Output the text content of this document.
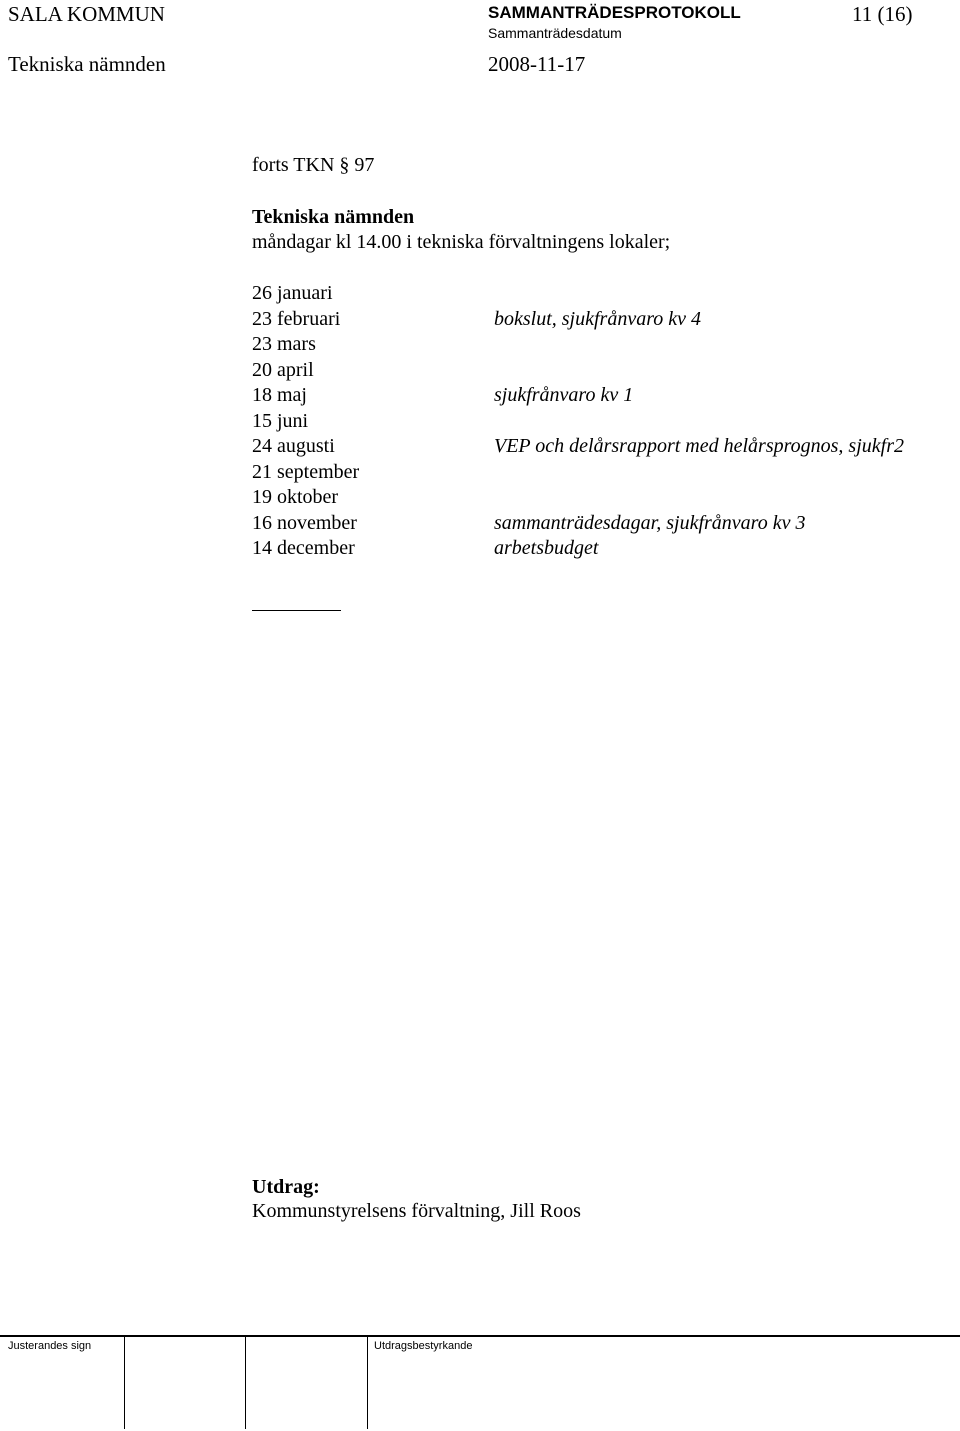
SALA KOMMUN	SAMMANTRÄDESPROTOKOLL	11 (16)
Sammanträdesdatum
Tekniska nämnden	2008-11-17
forts TKN § 97
Tekniska nämnden
måndagar kl 14.00 i tekniska förvaltningens lokaler;
26 januari
23 februari	bokslut, sjukfrånvaro kv 4
23 mars
20 april
18 maj	sjukfrånvaro kv 1
15 juni
24 augusti	VEP och delårsrapport med helårsprognos, sjukfr2
21 september
19 oktober
16 november	sammanträdesdagar, sjukfrånvaro kv 3
14 december	arbetsbudget
Utdrag:
Kommunstyrelsens förvaltning, Jill Roos
Justerandes sign	Utdragsbestyrkande
